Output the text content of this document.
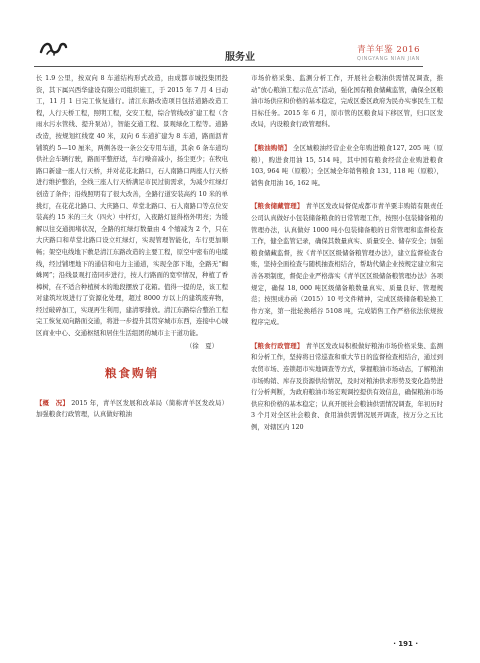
服务业
青羊年鉴 2016
QINGYANG NIAN JIAN

长 1.9 公里，按双向 8 车道结构形式改造，由成都市城投集团投资，其下属兴西华建设有限公司组织施工，于 2015 年 7 月 4 日动工，11 月 1 日完工恢复通行。清江东路改造项目包括道路改造工程，人行天桥工程，照明工程，交安工程，综合管线改扩建工程（含雨水污水管线、提升泵站），智能交通工程、景观绿化工程等。道路改造，按规划红线宽 40 米，双向 6 车道扩建为 8 车道，路面沥青铺筑约 5—10 厘米，两侧各设一条公交专用车道，其余 6 条车道均供社会车辆行驶，路面平整舒适，车行噪音减小，扬尘更少；在牧电路口新建一座人行天桥，并对花花北路口，石人南路口两座人行天桥进行维护整治，全线三座人行天桥满足市民过街需求，为减少红绿灯创造了条件；沿线照明有了很大改善，全路行道安装高约 10 米的单挑灯，在花花北路口、大庆路口、草堂北路口、石人南路口等点位安装高约 15 米的三火（四火）中杆灯，入夜路灯显得格外明亮；为缓解以往交通拥堵状况，全路的红绿灯数量由 4 个缩减为 2 个，只在大庆路口和草堂北路口设立红绿灯，实现管理智能化，车行更加顺畅；架空电线地下敷是清江东路改造的主要工程，原空中密布的电缆线，经过铺埋地下的通信和电力主通道，实现全部下地，全路无“蜘蛛网”；沿线景观打造同步进行，按人行路面的宽窄情况，种植了香樟树，在不适合种植树木的地段摆放了花箱。值得一提的是，该工程对建筑垃圾进行了资源化处理，超过 8000 方以上的建筑废弃物，经过破碎加工，实现再生利用，建清零排放。清江东路综合整治工程完工恢复双向路面交通，将进一步提升其贯穿城市东西，连接中心城区商业中心、交通枢纽和居住生活组团的城市主干道功能。

（徐　夏）
粮食购销

【概　况】 2015 年，青羊区发展和改革局（简称青羊区发改局）加强粮食行政管理，认真做好粮油

市场价格采集、监测分析工作，开展社会粮油供需情况调查，推动“放心粮油工程示范点”活动，强化国有粮食储藏监管，确保全区粮油市场供应和价格的基本稳定，完成区委区政府为民办实事民生工程目标任务。2015 年 6 月，原市管的区粮食局下移区管，归口区发改局，内设粮食行政管理科。

【粮油购销】 全区城粮油经营企业全年购进粮食127, 205 吨（原粮），购进食用油 15, 514 吨，其中国有粮食经营企业购进粮食 103, 964 吨（原粮）；全区城全年销售粮食 131, 118 吨（原粮），销售食用油 16, 162 吨。

【粮食储藏管理】 青羊区发改局督促成都市青羊粟丰购销有限责任公司认真做好小包装储备粮食的日常管理工作，按照小包装储备粮的管理办法，认真做好 1000 吨小包装储备粮的日常管理和监督检查工作，健全监管记录，确保其数量真实、质量安全、储存安全；加强粮食储藏监督，按《青羊区区级储备粮管理办法》，建立监督检查台账，坚持全面检查与随机抽查相结合，帮助代储企业按规定建立和完善各项制度，督促企业严格落实《青羊区区级储备粮管理办法》各项规定，确保 18, 000 吨区级储备粮数量真实、质量良好、管理规范；按照成办函（2015）10 号文件精神，完成区级储备粮轮换工作方案，第一批轮换稻谷 5108 吨，完成销售工作严格依法依规按程序完成。

【粮食行政管理】 青羊区发改局积极做好粮油市场价格采集、监测和分析工作，坚持将日常巡查和重大节日的监督检查相结合，通过到农贸市场、连锁超市实地调查等方式，掌握粮油市场动态，了解粮油市场购销、库存及资源供给情况，及时对粮油供求形势及变化趋势进行分析判断，为政府粮油市场宏观调控提供有效信息，确保粮油市场供应和价格的基本稳定；认真开展社会粮油供需情况调查，年初历时 3 个月对全区社会粮食、食用油供需情况展开调查，按万分之五比例，对辖区内 120

· 191 ·
